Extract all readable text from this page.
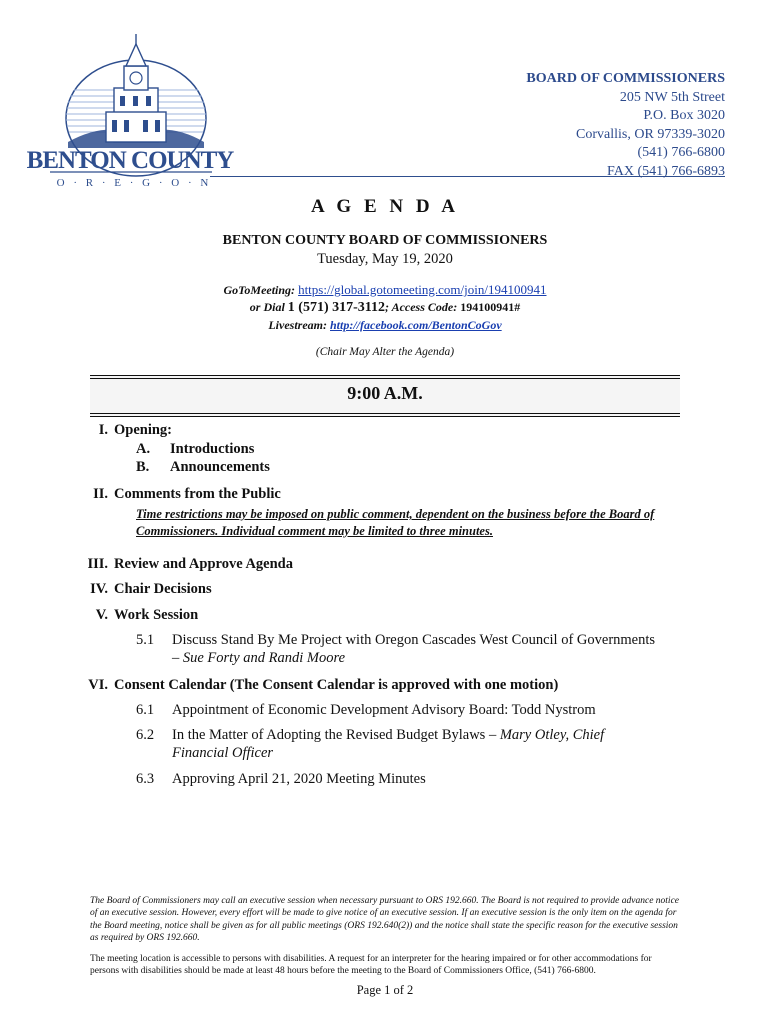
BENTON COUNTY
O · R · E · G · O · N
BOARD OF COMMISSIONERS
205 NW 5th Street
P.O. Box 3020
Corvallis, OR 97339-3020
(541) 766-6800
FAX (541) 766-6893
A G E N D A
BENTON COUNTY BOARD OF COMMISSIONERS
Tuesday, May 19, 2020
GoToMeeting: https://global.gotomeeting.com/join/194100941
or Dial 1 (571) 317-3112; Access Code: 194100941#
Livestream: http://facebook.com/BentonCoGov
(Chair May Alter the Agenda)
9:00 A.M.
I. Opening:
A. Introductions
B. Announcements
II. Comments from the Public
Time restrictions may be imposed on public comment, dependent on the business before the Board of Commissioners. Individual comment may be limited to three minutes.
III. Review and Approve Agenda
IV. Chair Decisions
V. Work Session
5.1 Discuss Stand By Me Project with Oregon Cascades West Council of Governments
– Sue Forty and Randi Moore
VI. Consent Calendar (The Consent Calendar is approved with one motion)
6.1 Appointment of Economic Development Advisory Board: Todd Nystrom
6.2 In the Matter of Adopting the Revised Budget Bylaws – Mary Otley, Chief Financial Officer
6.3 Approving April 21, 2020 Meeting Minutes
The Board of Commissioners may call an executive session when necessary pursuant to ORS 192.660. The Board is not required to provide advance notice of an executive session. However, every effort will be made to give notice of an executive session. If an executive session is the only item on the agenda for the Board meeting, notice shall be given as for all public meetings (ORS 192.640(2)) and the notice shall state the specific reason for the executive session as required by ORS 192.660.
The meeting location is accessible to persons with disabilities. A request for an interpreter for the hearing impaired or for other accommodations for persons with disabilities should be made at least 48 hours before the meeting to the Board of Commissioners Office, (541) 766-6800.
Page 1 of 2
